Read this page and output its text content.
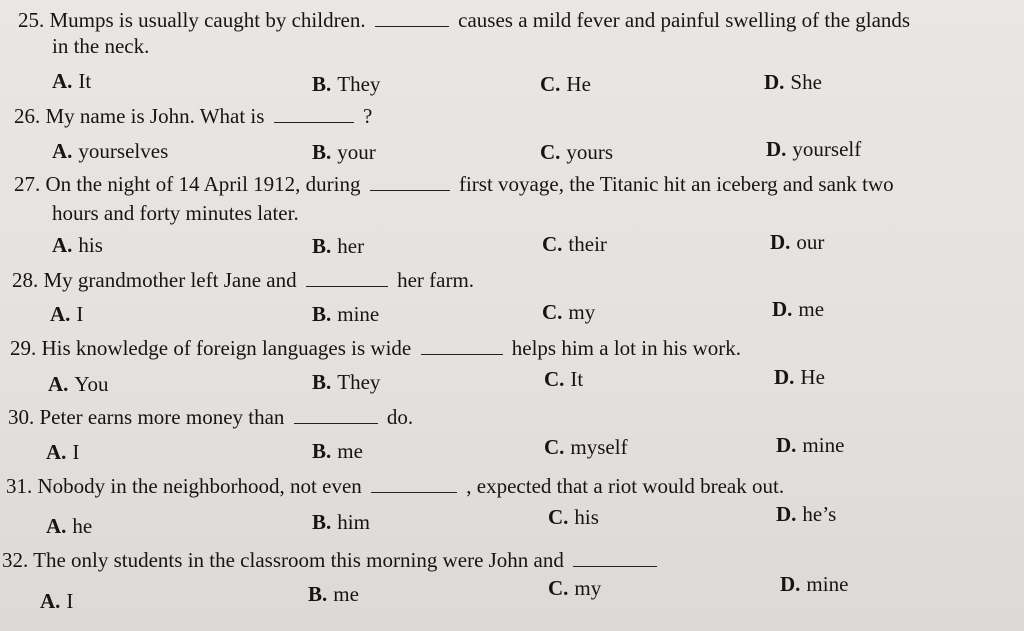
25. Mumps is usually caught by children.	causes a mild fever and painful swelling of the glands
in the neck.
A. It	B. They	C. He	D. She
26. My name is John. What is	?
A. yourselves	B. your	C. yours	D. yourself
27. On the night of 14 April 1912, during	first voyage, the Titanic hit an iceberg and sank two
hours and forty minutes later.
A. his	B. her	C. their	D. our
28. My grandmother left Jane and	her farm.
A. I	B. mine	C. my	D. me
29. His knowledge of foreign languages is wide	helps him a lot in his work.
A. You	B. They	C. It	D. He
30. Peter earns more money than	do.
A. I	B. me	C. myself	D. mine
31. Nobody in the neighborhood, not even	, expected that a riot would break out.
A. he	B. him	C. his	D. he’s
32. The only students in the classroom this morning were John and
A. I	B. me	C. my	D. mine
